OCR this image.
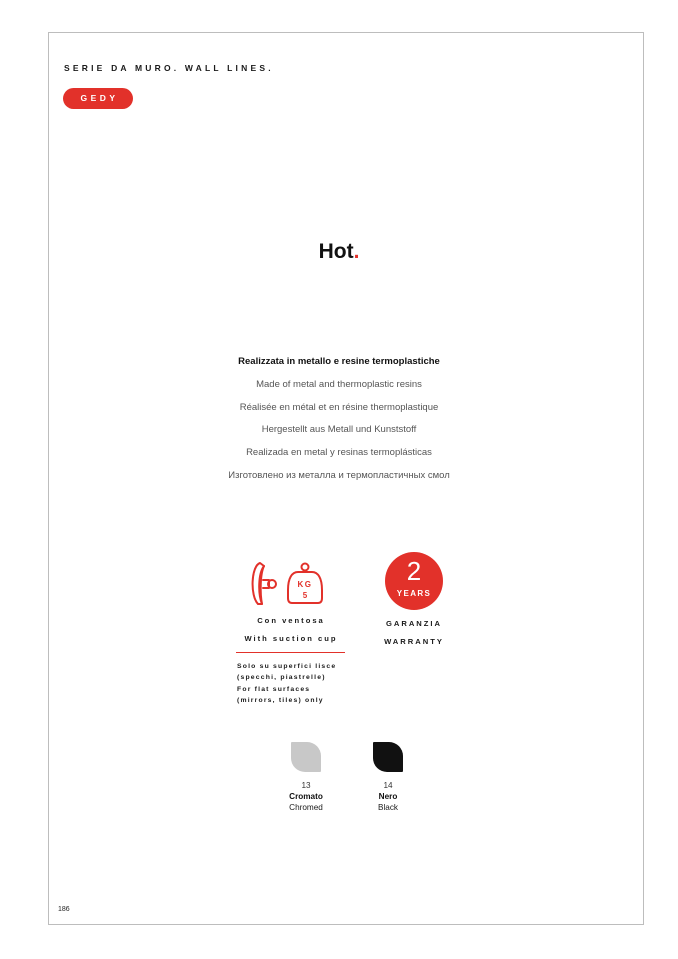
SERIE DA MURO. WALL LINES.
GEDY
Hot.
Realizzata in metallo e resine termoplastiche
Made of metal and thermoplastic resins
Réalisée en métal et en résine thermoplastique
Hergestellt aus Metall und Kunststoff
Realizada en metal y resinas termoplásticas
Изготовлено из металла и термопластичных смол
KG
5
Con ventosa
With suction cup
Solo su superfici lisce
(specchi, piastrelle)
For flat surfaces
(mirrors, tiles) only
2
YEARS
GARANZIA
WARRANTY
13
Cromato
Chromed
14
Nero
Black
186
